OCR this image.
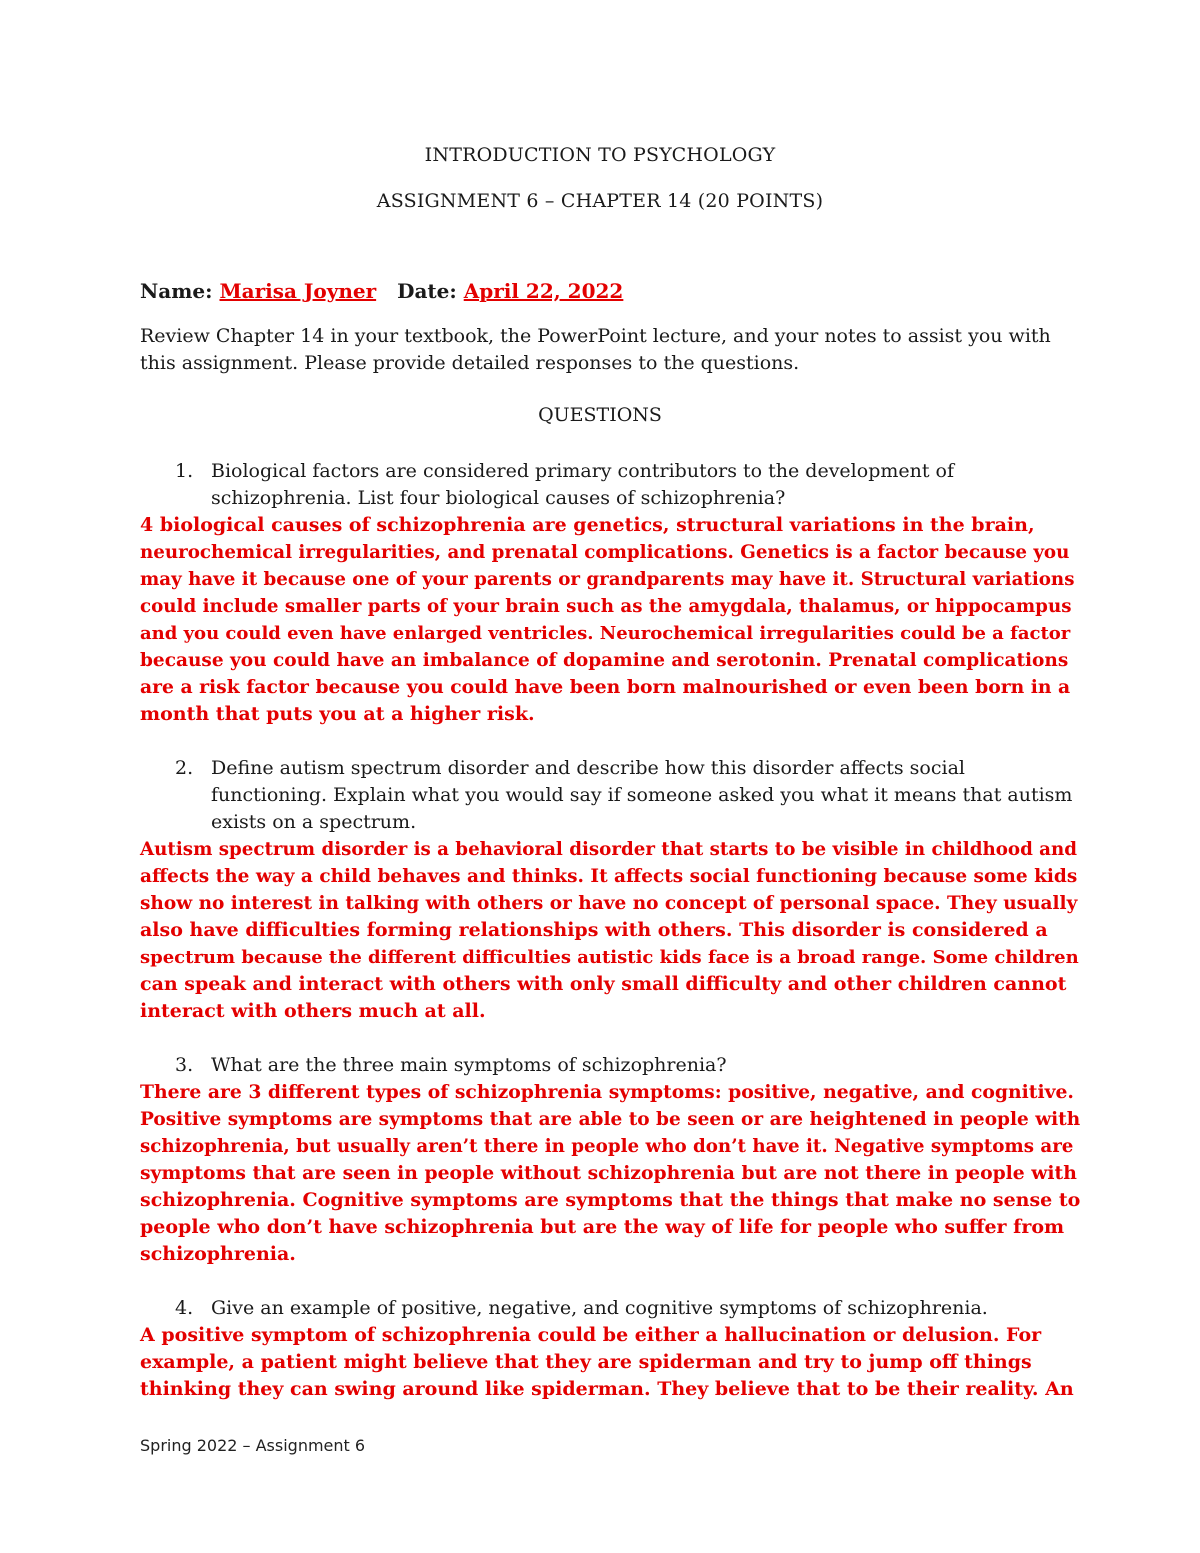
INTRODUCTION TO PSYCHOLOGY
ASSIGNMENT 6 – CHAPTER 14 (20 POINTS)
Name: Marisa Joyner Date: April 22, 2022
Review Chapter 14 in your textbook, the PowerPoint lecture, and your notes to assist you with
this assignment. Please provide detailed responses to the questions.
QUESTIONS
1. Biological factors are considered primary contributors to the development of
schizophrenia. List four biological causes of schizophrenia?
4 biological causes of schizophrenia are genetics, structural variations in the brain,
neurochemical irregularities, and prenatal complications. Genetics is a factor because you
may have it because one of your parents or grandparents may have it. Structural variations
could include smaller parts of your brain such as the amygdala, thalamus, or hippocampus
and you could even have enlarged ventricles. Neurochemical irregularities could be a factor
because you could have an imbalance of dopamine and serotonin. Prenatal complications
are a risk factor because you could have been born malnourished or even been born in a
month that puts you at a higher risk.
2. Define autism spectrum disorder and describe how this disorder affects social
functioning. Explain what you would say if someone asked you what it means that autism
exists on a spectrum.
Autism spectrum disorder is a behavioral disorder that starts to be visible in childhood and
affects the way a child behaves and thinks. It affects social functioning because some kids
show no interest in talking with others or have no concept of personal space. They usually
also have difficulties forming relationships with others. This disorder is considered a
spectrum because the different difficulties autistic kids face is a broad range. Some children
can speak and interact with others with only small difficulty and other children cannot
interact with others much at all.
3. What are the three main symptoms of schizophrenia?
There are 3 different types of schizophrenia symptoms: positive, negative, and cognitive.
Positive symptoms are symptoms that are able to be seen or are heightened in people with
schizophrenia, but usually aren’t there in people who don’t have it. Negative symptoms are
symptoms that are seen in people without schizophrenia but are not there in people with
schizophrenia. Cognitive symptoms are symptoms that the things that make no sense to
people who don’t have schizophrenia but are the way of life for people who suffer from
schizophrenia.
4. Give an example of positive, negative, and cognitive symptoms of schizophrenia.
A positive symptom of schizophrenia could be either a hallucination or delusion. For
example, a patient might believe that they are spiderman and try to jump off things
thinking they can swing around like spiderman. They believe that to be their reality. An
Spring 2022 – Assignment 6
